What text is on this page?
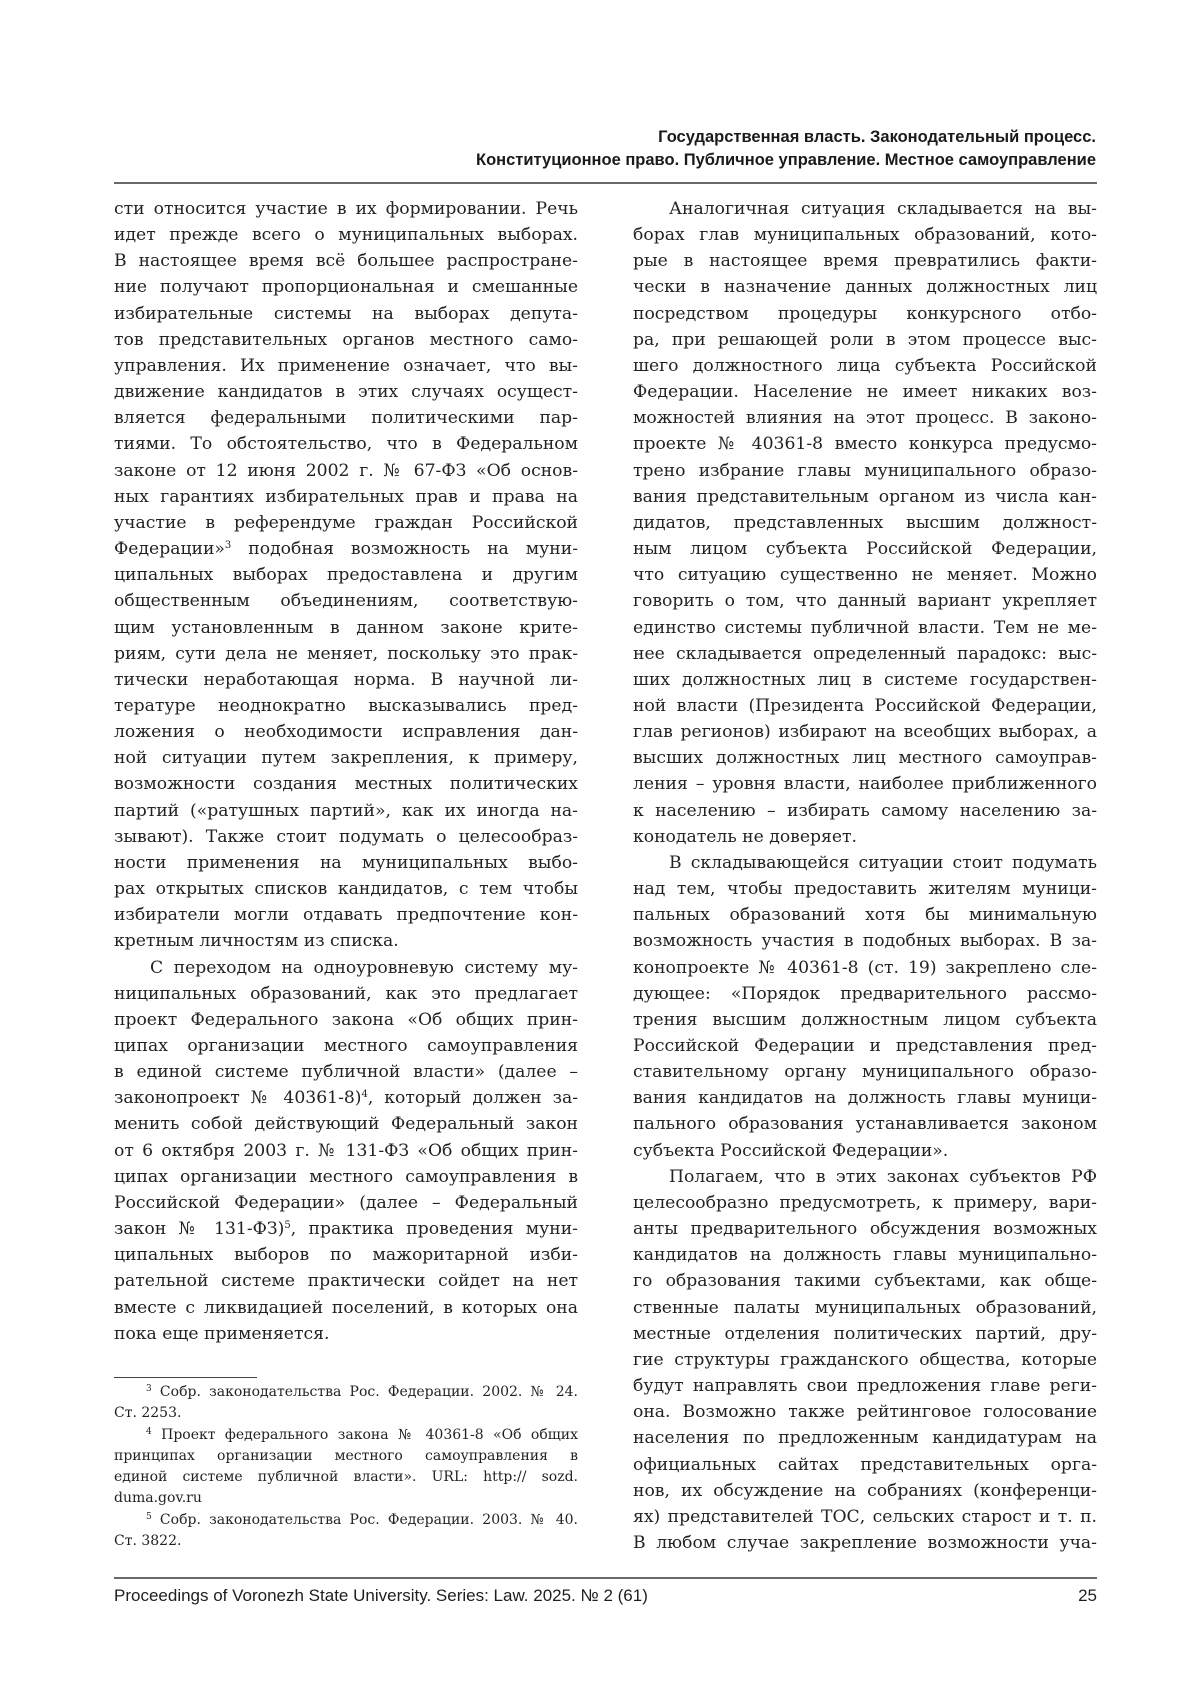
Государственная власть. Законодательный процесс.
Конституционное право. Публичное управление. Местное самоуправление
сти относится участие в их формировании. Речь
идет прежде всего о муниципальных выборах.
В настоящее время всё большее распростране-
ние получают пропорциональная и смешанные
избирательные системы на выборах депута-
тов представительных органов местного само-
управления. Их применение означает, что вы-
движение кандидатов в этих случаях осущест-
вляется федеральными политическими пар-
тиями. То обстоятельство, что в Федеральном
законе от 12 июня 2002 г. № 67-ФЗ «Об основ-
ных гарантиях избирательных прав и права на
участие в референдуме граждан Российской
Федерации»$^3$ подобная возможность на муни-
ципальных выборах предоставлена и другим
общественным объединениям, соответствую-
щим установленным в данном законе крите-
риям, сути дела не меняет, поскольку это прак-
тически неработающая норма. В научной ли-
тературе неоднократно высказывались пред-
ложения о необходимости исправления дан-
ной ситуации путем закрепления, к примеру,
возможности создания местных политических
партий («ратушных партий», как их иногда на-
зывают). Также стоит подумать о целесообраз-
ности применения на муниципальных выбо-
рах открытых списков кандидатов, с тем чтобы
избиратели могли отдавать предпочтение кон-
кретным личностям из списка.
С переходом на одноуровневую систему му-
ниципальных образований, как это предлагает
проект Федерального закона «Об общих прин-
ципах организации местного самоуправления
в единой системе публичной власти» (далее –
законопроект № 40361-8)$^4$, который должен за-
менить собой действующий Федеральный закон
от 6 октября 2003 г. № 131-ФЗ «Об общих прин-
ципах организации местного самоуправления в
Российской Федерации» (далее – Федеральный
закон № 131-ФЗ)$^5$, практика проведения муни-
ципальных выборов по мажоритарной изби-
рательной системе практически сойдет на нет
вместе с ликвидацией поселений, в которых она
пока еще применяется.
Аналогичная ситуация складывается на вы-
борах глав муниципальных образований, кото-
рые в настоящее время превратились факти-
чески в назначение данных должностных лиц
посредством процедуры конкурсного отбо-
ра, при решающей роли в этом процессе выс-
шего должностного лица субъекта Российской
Федерации. Население не имеет никаких воз-
можностей влияния на этот процесс. В законо-
проекте № 40361-8 вместо конкурса предусмо-
трено избрание главы муниципального образо-
вания представительным органом из числа кан-
дидатов, представленных высшим должност-
ным лицом субъекта Российской Федерации,
что ситуацию существенно не меняет. Можно
говорить о том, что данный вариант укрепляет
единство системы публичной власти. Тем не ме-
нее складывается определенный парадокс: выс-
ших должностных лиц в системе государствен-
ной власти (Президента Российской Федерации,
глав регионов) избирают на всеобщих выборах, а
высших должностных лиц местного самоуправ-
ления – уровня власти, наиболее приближенного
к населению – избирать самому населению за-
конодатель не доверяет.
В складывающейся ситуации стоит подумать
над тем, чтобы предоставить жителям муници-
пальных образований хотя бы минимальную
возможность участия в подобных выборах. В за-
конопроекте № 40361-8 (ст. 19) закреплено сле-
дующее: «Порядок предварительного рассмо-
трения высшим должностным лицом субъекта
Российской Федерации и представления пред-
ставительному органу муниципального образо-
вания кандидатов на должность главы муници-
пального образования устанавливается законом
субъекта Российской Федерации».
Полагаем, что в этих законах субъектов РФ
целесообразно предусмотреть, к примеру, вари-
анты предварительного обсуждения возможных
кандидатов на должность главы муниципально-
го образования такими субъектами, как обще-
ственные палаты муниципальных образований,
местные отделения политических партий, дру-
гие структуры гражданского общества, которые
будут направлять свои предложения главе реги-
она. Возможно также рейтинговое голосование
населения по предложенным кандидатурам на
официальных сайтах представительных орга-
нов, их обсуждение на собраниях (конференци-
ях) представителей ТОС, сельских старост и т. п.
В любом случае закрепление возможности уча-
$^3$ Собр. законодательства Рос. Федерации. 2002. № 24.
Ст. 2253.
$^4$ Проект федерального закона № 40361-8 «Об общих
принципах организации местного самоуправления в
единой системе публичной власти». URL: http:// sozd.
duma.gov.ru
$^5$ Собр. законодательства Рос. Федерации. 2003. № 40.
Ст. 3822.
Proceedings of Voronezh State University. Series: Law. 2025. № 2 (61)	25
